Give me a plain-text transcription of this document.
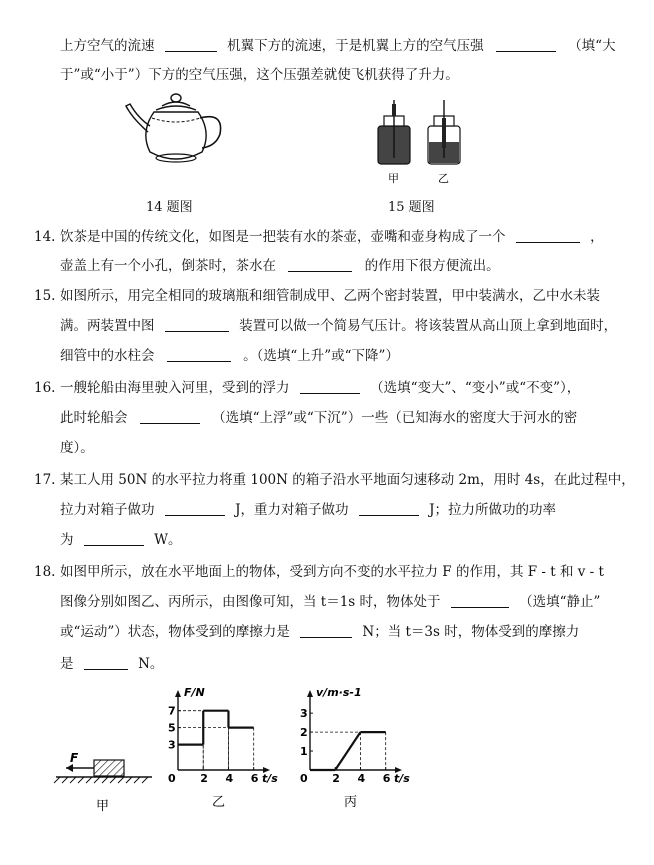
上方空气的流速	机翼下方的流速，于是机翼上方的空气压强	（填“大
于”或“小于”）下方的空气压强，这个压强差就使飞机获得了升力。
甲	乙
14 题图	15 题图
14. 饮茶是中国的传统文化，如图是一把装有水的茶壶，壶嘴和壶身构成了一个	，
壶盖上有一个小孔，倒茶时，茶水在	的作用下很方便流出。
15. 如图所示，用完全相同的玻璃瓶和细管制成甲、乙两个密封装置，甲中装满水，乙中水未装
满。两装置中图	装置可以做一个简易气压计。将该装置从高山顶上拿到地面时，
细管中的水柱会	。（选填“上升”或“下降”）
16. 一艘轮船由海里驶入河里，受到的浮力	（选填“变大”、“变小”或“不变”），
此时轮船会	（选填“上浮”或“下沉”）一些（已知海水的密度大于河水的密
度）。
17. 某工人用 50N 的水平拉力将重 100N 的箱子沿水平地面匀速移动 2m，用时 4s，在此过程中，
拉力对箱子做功	J，重力对箱子做功	J；拉力所做功的功率
为	W。
18. 如图甲所示，放在水平地面上的物体，受到方向不变的水平拉力 F 的作用，其 F - t 和 v - t
图像分别如图乙、丙所示，由图像可知，当 t＝1s 时，物体处于	（选填“静止”
或“运动”）状态，物体受到的摩擦力是	N；当 t＝3s 时，物体受到的摩擦力
是	N。
F
甲
F/N
t/s
0 2 4 6
3
5
7
乙
v/m·s-1
t/s
0 2 4 6
1
2
3
丙
